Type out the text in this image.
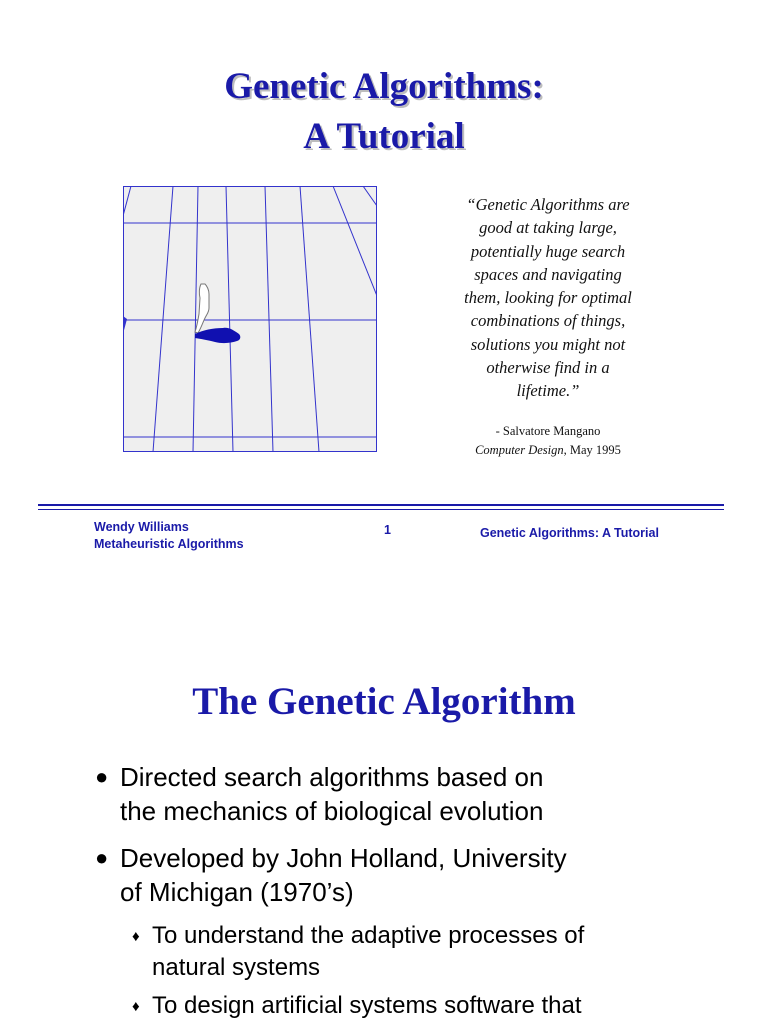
Genetic Algorithms:
A Tutorial
“Genetic Algorithms are
good at taking large,
potentially huge search
spaces and navigating
them, looking for optimal
combinations of things,
solutions you might not
otherwise find in a
lifetime.”
- Salvatore Mangano
Computer Design, May 1995
Wendy Williams
Metaheuristic Algorithms
1	Genetic Algorithms: A Tutorial
The Genetic Algorithm
● Directed search algorithms based on
the mechanics of biological evolution
● Developed by John Holland, University
of Michigan (1970’s)
♦ To understand the adaptive processes of
natural systems
♦ To design artificial systems software that
